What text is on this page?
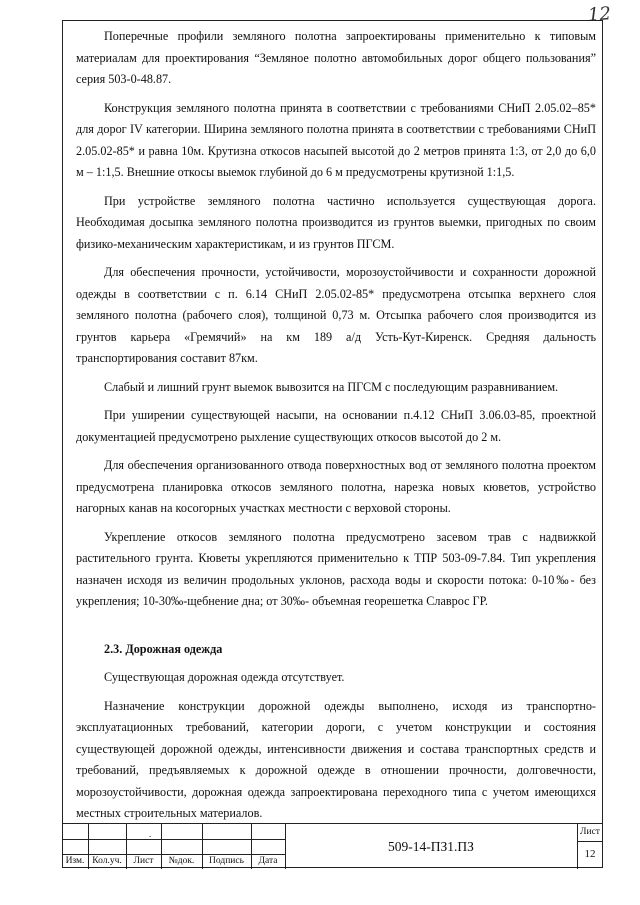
12

Поперечные профили земляного полотна запроектированы применительно к типовым материалам для проектирования “Земляное полотно автомобильных дорог общего пользования” серия 503-0-48.87.

Конструкция земляного полотна принята в соответствии с требованиями СНиП 2.05.02–85* для дорог IV категории. Ширина земляного полотна принята в соответствии с требованиями СНиП 2.05.02-85* и равна 10м. Крутизна откосов насыпей высотой до 2 метров принята 1:3, от 2,0 до 6,0 м – 1:1,5. Внешние откосы выемок глубиной до 6 м предусмотрены крутизной 1:1,5.

При устройстве земляного полотна частично используется существующая дорога. Необходимая досыпка земляного полотна производится из грунтов выемки, пригодных по своим физико-механическим характеристикам, и из грунтов ПГСМ.

Для обеспечения прочности, устойчивости, морозоустойчивости и сохранности дорожной одежды в соответствии с п. 6.14 СНиП 2.05.02-85* предусмотрена отсыпка верхнего слоя земляного полотна (рабочего слоя), толщиной 0,73 м. Отсыпка рабочего слоя производится из грунтов карьера «Гремячий» на км 189 а/д Усть-Кут-Киренск. Средняя дальность транспортирования составит 87км.

Слабый и лишний грунт выемок вывозится на ПГСМ с последующим разравниванием.

При уширении существующей насыпи, на основании п.4.12 СНиП 3.06.03-85, проектной документацией предусмотрено рыхление существующих откосов высотой до 2 м.

Для обеспечения организованного отвода поверхностных вод от земляного полотна проектом предусмотрена планировка откосов земляного полотна, нарезка новых кюветов, устройство нагорных канав на косогорных участках местности с верховой стороны.

Укрепление откосов земляного полотна предусмотрено засевом трав с надвижкой растительного грунта. Кюветы укрепляются применительно к ТПР 503-09-7.84. Тип укрепления назначен исходя из величин продольных уклонов, расхода воды и скорости потока: 0-10‰- без укрепления; 10-30‰-щебнение дна; от 30‰- объемная георешетка Славрос ГР.

2.3. Дорожная одежда

Существующая дорожная одежда отсутствует.

Назначение конструкции дорожной одежды выполнено, исходя из транспортно-эксплуатационных требований, категории дороги, с учетом конструкции и состояния существующей дорожной одежды, интенсивности движения и состава транспортных средств и требований, предъявляемых к дорожной одежде в отношении прочности, долговечности, морозоустойчивости, дорожная одежда запроектирована переходного типа с учетом имеющихся местных строительных материалов.

.
Изм. Кол.уч.	Лист	№док.	Подпись	Дата
509-14-ПЗ1.ПЗ
Лист
12
